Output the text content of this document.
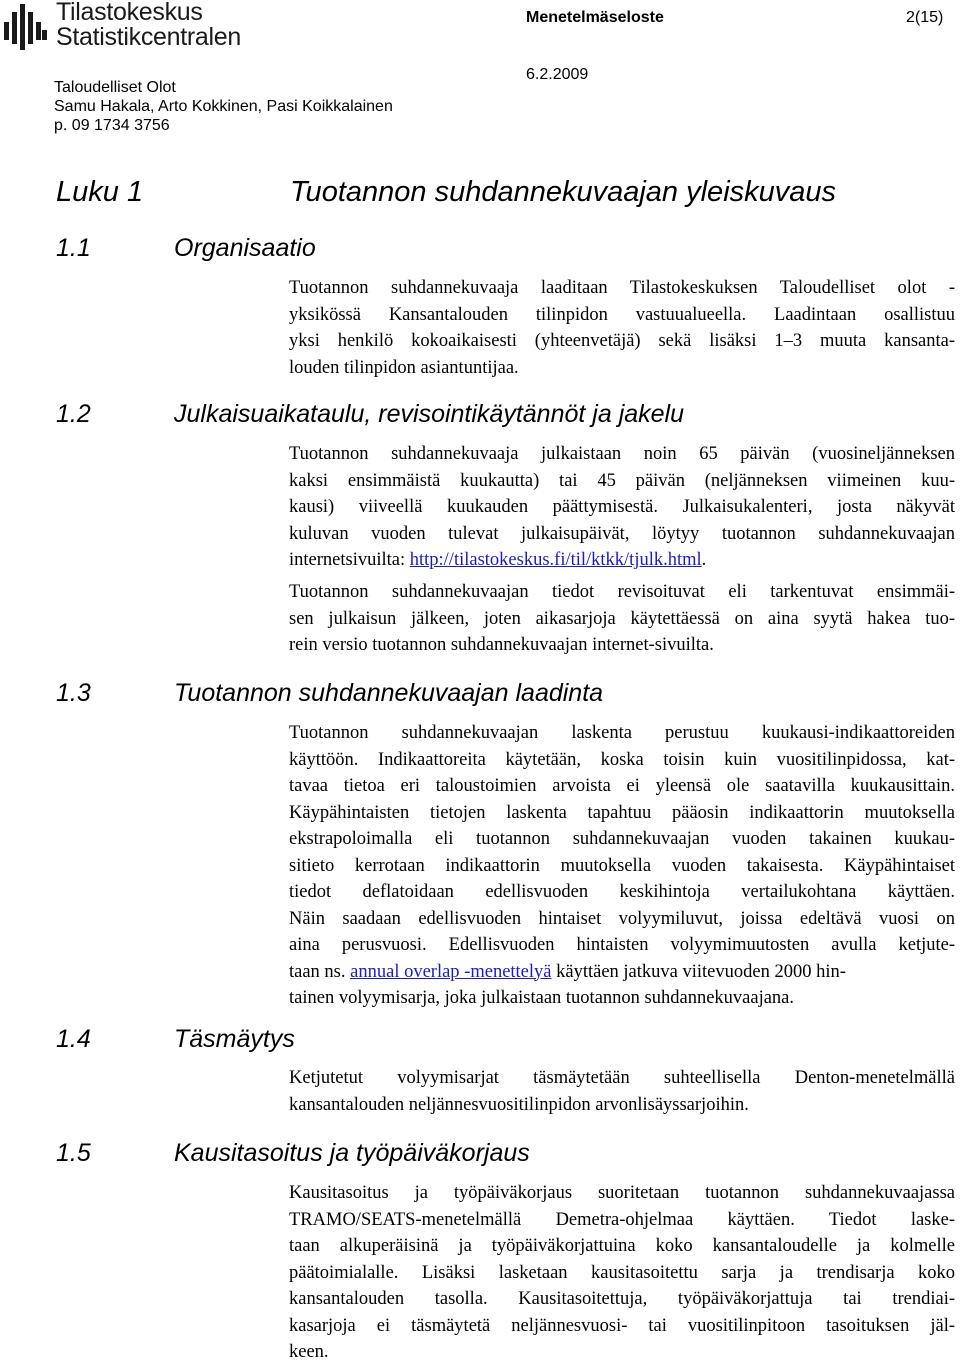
Tilastokeskus
Statistikcentralen
Menetelmäseloste	2(15)
Taloudelliset Olot
Samu Hakala, Arto Kokkinen, Pasi Koikkalainen
p. 09 1734 3756
6.2.2009
Luku 1	Tuotannon suhdannekuvaajan yleiskuvaus
1.1	Organisaatio
Tuotannon suhdannekuvaaja laaditaan Tilastokeskuksen Taloudelliset olot -
yksikössä Kansantalouden tilinpidon vastuualueella. Laadintaan osallistuu
yksi henkilö kokoaikaisesti (yhteenvetäjä) sekä lisäksi 1–3 muuta kansanta-
louden tilinpidon asiantuntijaa.
1.2	Julkaisuaikataulu, revisointikäytännöt ja jakelu
Tuotannon suhdannekuvaaja julkaistaan noin 65 päivän (vuosineljänneksen
kaksi ensimmäistä kuukautta) tai 45 päivän (neljänneksen viimeinen kuu-
kausi) viiveellä kuukauden päättymisestä. Julkaisukalenteri, josta näkyvät
kuluvan vuoden tulevat julkaisupäivät, löytyy tuotannon suhdannekuvaajan
internetsivuilta: http://tilastokeskus.fi/til/ktkk/tjulk.html.
Tuotannon suhdannekuvaajan tiedot revisoituvat eli tarkentuvat ensimmäi-
sen julkaisun jälkeen, joten aikasarjoja käytettäessä on aina syytä hakea tuo-
rein versio tuotannon suhdannekuvaajan internet-sivuilta.
1.3	Tuotannon suhdannekuvaajan laadinta
Tuotannon suhdannekuvaajan laskenta perustuu kuukausi-indikaattoreiden
käyttöön. Indikaattoreita käytetään, koska toisin kuin vuositilinpidossa, kat-
tavaa tietoa eri taloustoimien arvoista ei yleensä ole saatavilla kuukausittain.
Käypähintaisten tietojen laskenta tapahtuu pääosin indikaattorin muutoksella
ekstrapoloimalla eli tuotannon suhdannekuvaajan vuoden takainen kuukau-
sitieto kerrotaan indikaattorin muutoksella vuoden takaisesta. Käypähintaiset
tiedot deflatoidaan edellisvuoden keskihintoja vertailukohtana käyttäen.
Näin saadaan edellisvuoden hintaiset volyymiluvut, joissa edeltävä vuosi on
aina perusvuosi. Edellisvuoden hintaisten volyymimuutosten avulla ketjute-
taan ns. annual overlap -menettelyä käyttäen jatkuva viitevuoden 2000 hin-
tainen volyymisarja, joka julkaistaan tuotannon suhdannekuvaajana.
1.4	Täsmäytys
Ketjutetut volyymisarjat täsmäytetään suhteellisella Denton-menetelmällä
kansantalouden neljännesvuositilinpidon arvonlisäyssarjoihin.
1.5	Kausitasoitus ja työpäiväkorjaus
Kausitasoitus ja työpäiväkorjaus suoritetaan tuotannon suhdannekuvaajassa
TRAMO/SEATS-menetelmällä Demetra-ohjelmaa käyttäen. Tiedot laske-
taan alkuperäisinä ja työpäiväkorjattuina koko kansantaloudelle ja kolmelle
päätoimialalle. Lisäksi lasketaan kausitasoitettu sarja ja trendisarja koko
kansantalouden tasolla. Kausitasoitettuja, työpäiväkorjattuja tai trendiai-
kasarjoja ei täsmäytetä neljännesvuosi- tai vuositilinpitoon tasoituksen jäl-
keen.
